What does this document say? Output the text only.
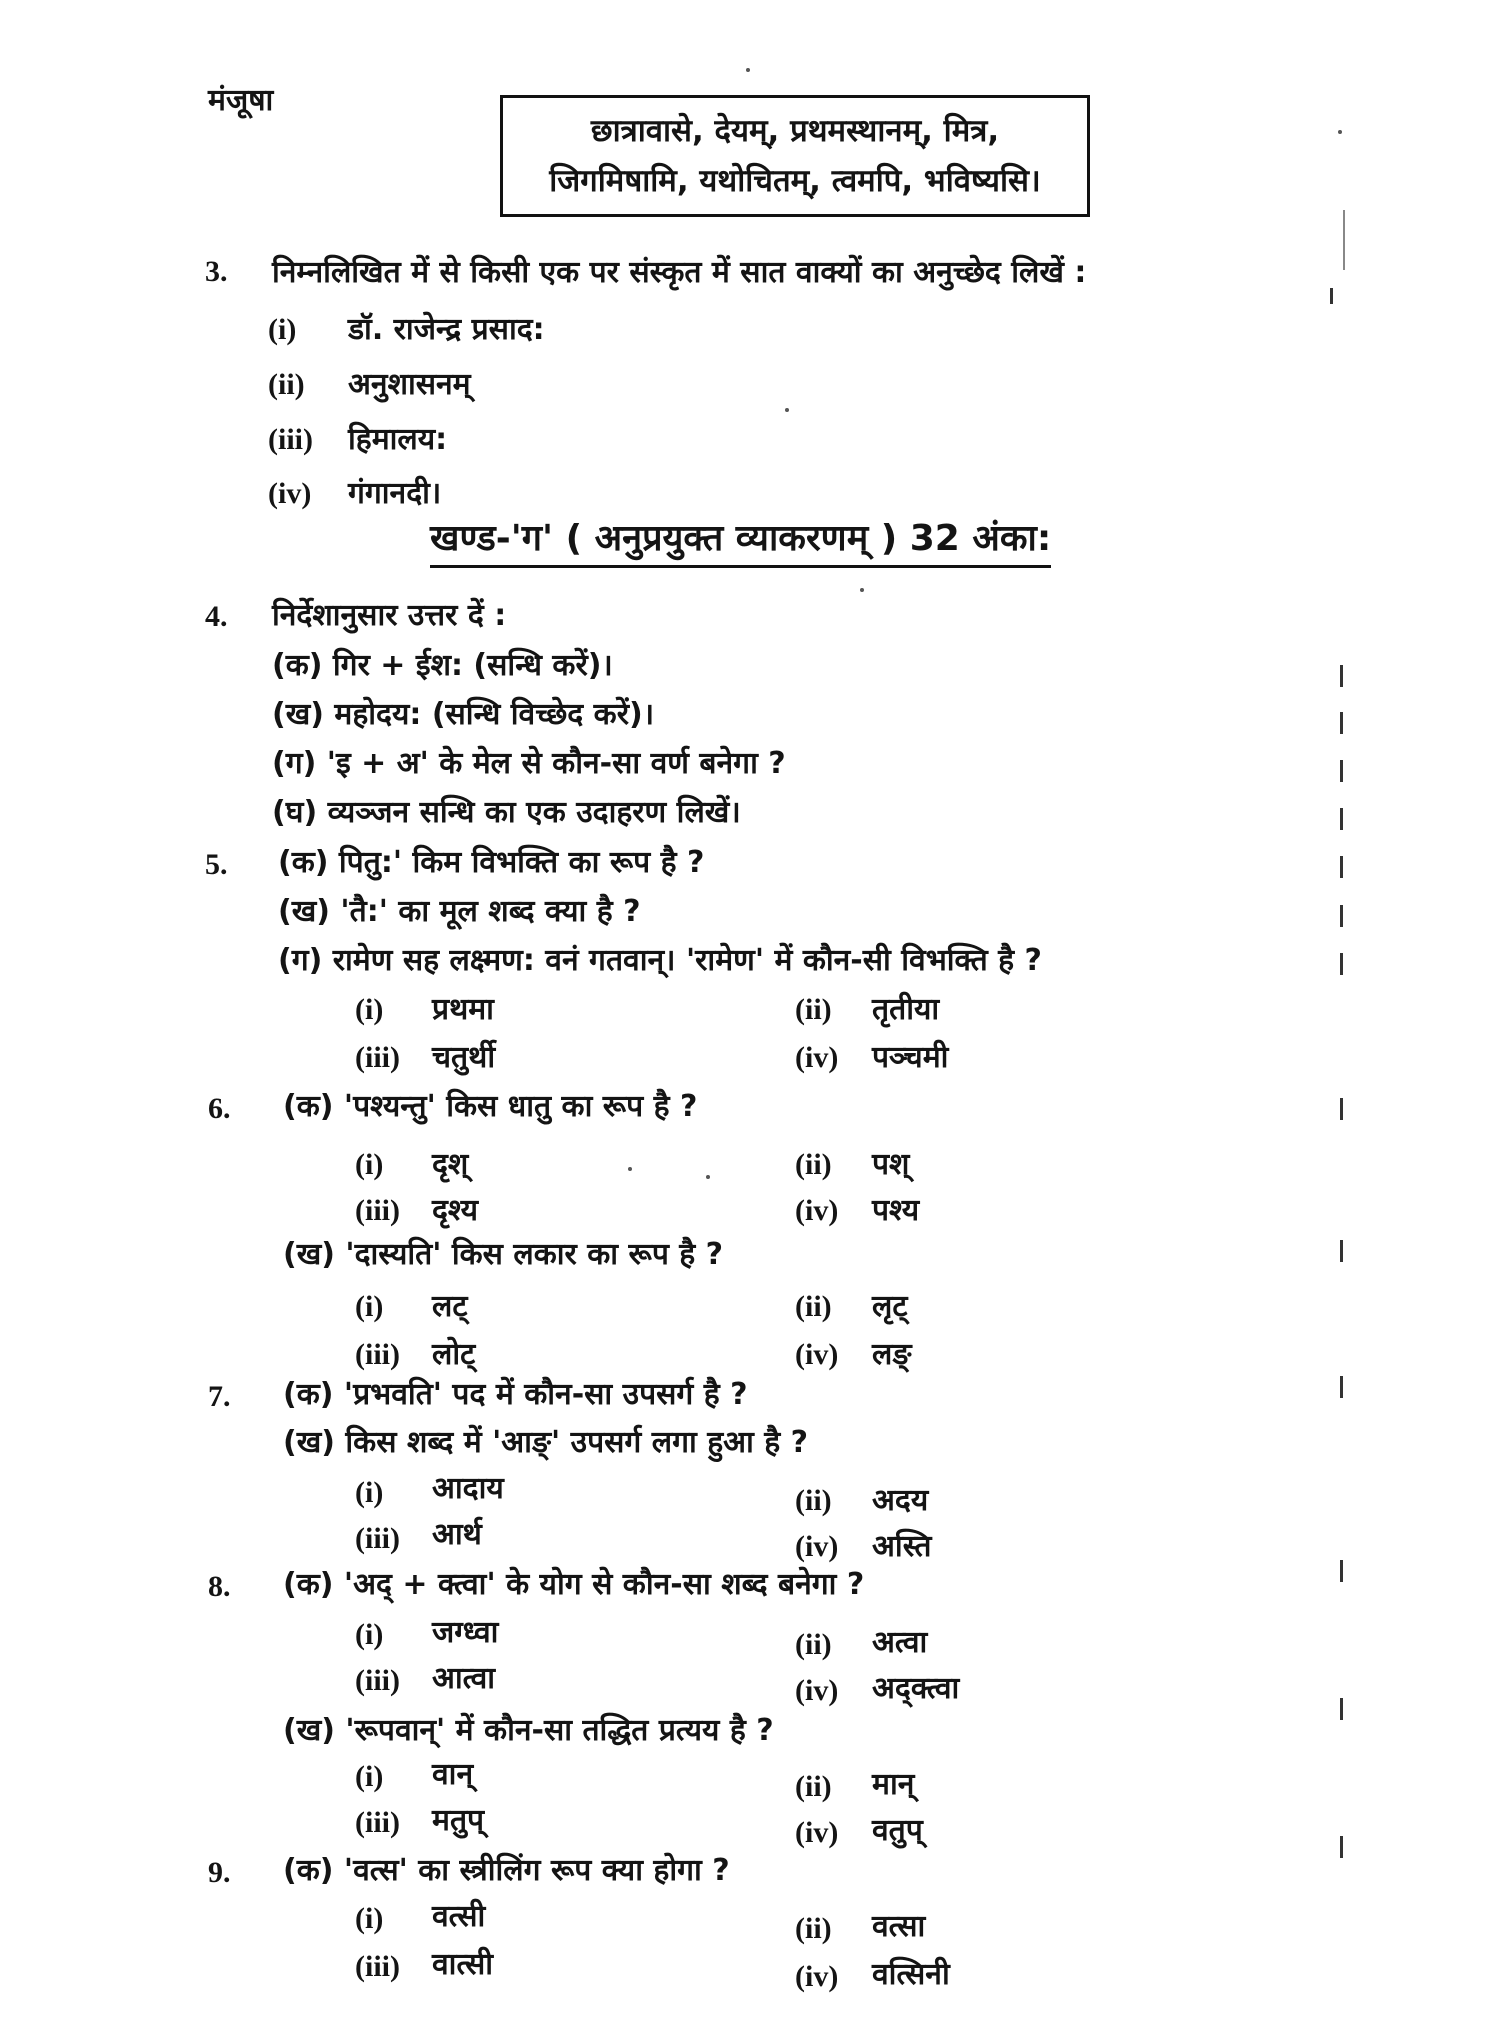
मंजूषा
छात्रावासे, देयम्, प्रथमस्थानम्, मित्र,
जिगमिषामि, यथोचितम्, त्वमपि, भविष्यसि।
3. निम्नलिखित में से किसी एक पर संस्कृत में सात वाक्यों का अनुच्छेद लिखें :
(i) डॉ. राजेन्द्र प्रसाद:
(ii) अनुशासनम्
(iii) हिमालय:
(iv) गंगानदी।
खण्ड-'ग' ( अनुप्रयुक्त व्याकरणम् ) 32 अंका:
4. निर्देशानुसार उत्तर दें :
(क) गिर + ईश: (सन्धि करें)।
(ख) महोदय: (सन्धि विच्छेद करें)।
(ग) 'इ + अ' के मेल से कौन-सा वर्ण बनेगा ?
(घ) व्यञ्जन सन्धि का एक उदाहरण लिखें।
5. (क) पितु:' किम विभक्ति का रूप है ?
(ख) 'तै:' का मूल शब्द क्या है ?
(ग) रामेण सह लक्ष्मण: वनं गतवान्। 'रामेण' में कौन-सी विभक्ति है ?
(i) प्रथमा	(ii) तृतीया
(iii) चतुर्थी	(iv) पञ्चमी
6. (क) 'पश्यन्तु' किस धातु का रूप है ?
(i) दृश्	(ii) पश्
(iii) दृश्य	(iv) पश्य
(ख) 'दास्यति' किस लकार का रूप है ?
(i) लट्	(ii) लृट्
(iii) लोट्	(iv) लङ्
7. (क) 'प्रभवति' पद में कौन-सा उपसर्ग है ?
(ख) किस शब्द में 'आङ्' उपसर्ग लगा हुआ है ?
(i) आदाय	(ii) अदय
(iii) आर्थ	(iv) अस्ति
8. (क) 'अद् + क्त्वा' के योग से कौन-सा शब्द बनेगा ?
(i) जग्ध्वा	(ii) अत्वा
(iii) आत्वा	(iv) अद्क्त्वा
(ख) 'रूपवान्' में कौन-सा तद्धित प्रत्यय है ?
(i) वान्	(ii) मान्
(iii) मतुप्	(iv) वतुप्
9. (क) 'वत्स' का स्त्रीलिंग रूप क्या होगा ?
(i) वत्सी	(ii) वत्सा
(iii) वात्सी	(iv) वत्सिनी
